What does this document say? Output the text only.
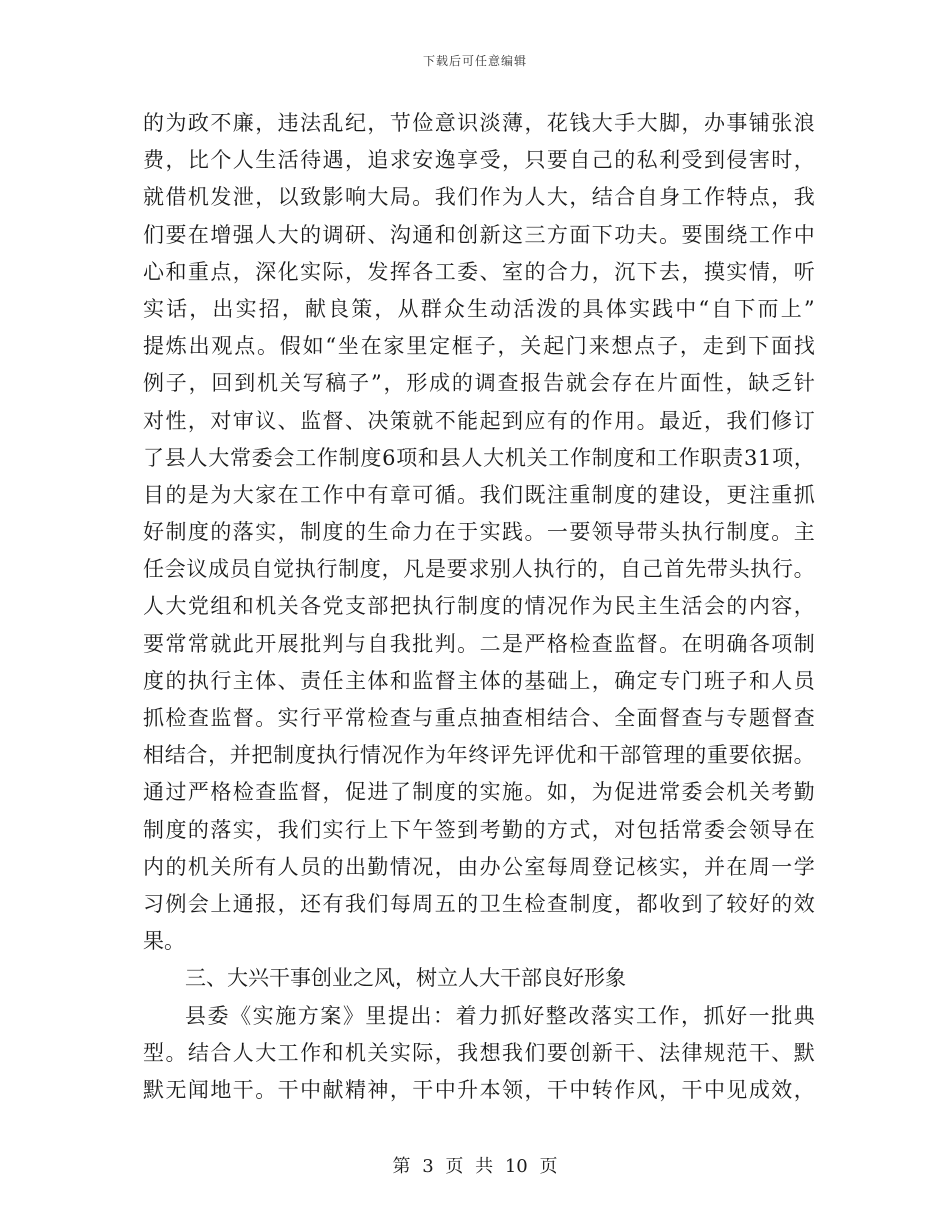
下载后可任意编辑
的 为 政 不 廉 ， 违 法 乱 纪 ， 节 俭 意 识 淡 薄 ， 花 钱 大 手 大 脚 ， 办 事 铺 张 浪
费 ， 比 个 人 生 活 待 遇 ， 追 求 安 逸 享 受 ， 只 要 自 己 的 私 利 受 到 侵 害 时 ，
就 借 机 发 泄 ， 以 致 影 响 大 局 。 我 们 作 为 人 大 ， 结 合 自 身 工 作 特 点 ， 我
们 要 在 增 强 人 大 的 调 研 、 沟 通 和 创 新 这 三 方 面 下 功 夫 。 要 围 绕 工 作 中
心 和 重 点 ， 深 化 实 际 ， 发 挥 各 工 委 、 室 的 合 力 ， 沉 下 去 ， 摸 实 情 ， 听
实 话 ， 出 实 招 ， 献 良 策 ， 从 群 众 生 动 活 泼 的 具 体 实 践 中 “ 自 下 而 上 ”
提 炼 出 观 点 。 假 如 “ 坐 在 家 里 定 框 子 ， 关 起 门 来 想 点 子 ， 走 到 下 面 找
例 子 ， 回 到 机 关 写 稿 子 ” ， 形 成 的 调 查 报 告 就 会 存 在 片 面 性 ， 缺 乏 针
对 性 ， 对 审 议 、 监 督 、 决 策 就 不 能 起 到 应 有 的 作 用 。 最 近 ， 我 们 修 订
了 县 人 大 常 委 会 工 作 制 度 6 项 和 县 人 大 机 关 工 作 制 度 和 工 作 职 责 3 1 项 ，
目 的 是 为 大 家 在 工 作 中 有 章 可 循 。 我 们 既 注 重 制 度 的 建 设 ， 更 注 重 抓
好 制 度 的 落 实 ， 制 度 的 生 命 力 在 于 实 践 。 一 要 领 导 带 头 执 行 制 度 。 主
任 会 议 成 员 自 觉 执 行 制 度 ， 凡 是 要 求 别 人 执 行 的 ， 自 己 首 先 带 头 执 行 。
人 大 党 组 和 机 关 各 党 支 部 把 执 行 制 度 的 情 况 作 为 民 主 生 活 会 的 内 容 ，
要 常 常 就 此 开 展 批 判 与 自 我 批 判 。 二 是 严 格 检 查 监 督 。 在 明 确 各 项 制
度 的 执 行 主 体 、 责 任 主 体 和 监 督 主 体 的 基 础 上 ， 确 定 专 门 班 子 和 人 员
抓 检 查 监 督 。 实 行 平 常 检 查 与 重 点 抽 查 相 结 合 、 全 面 督 查 与 专 题 督 查
相 结 合 ， 并 把 制 度 执 行 情 况 作 为 年 终 评 先 评 优 和 干 部 管 理 的 重 要 依 据 。
通 过 严 格 检 查 监 督 ， 促 进 了 制 度 的 实 施 。 如 ， 为 促 进 常 委 会 机 关 考 勤
制 度 的 落 实 ， 我 们 实 行 上 下 午 签 到 考 勤 的 方 式 ， 对 包 括 常 委 会 领 导 在
内 的 机 关 所 有 人 员 的 出 勤 情 况 ， 由 办 公 室 每 周 登 记 核 实 ， 并 在 周 一 学
习 例 会 上 通 报 ， 还 有 我 们 每 周 五 的 卫 生 检 查 制 度 ， 都 收 到 了 较 好 的 效
果。
三、大兴干事创业之风，树立人大干部良好形象
县 委 《 实 施 方 案 》 里 提 出 ： 着 力 抓 好 整 改 落 实 工 作 ， 抓 好 一 批 典
型 。 结 合 人 大 工 作 和 机 关 实 际 ， 我 想 我 们 要 创 新 干 、 法 律 规 范 干 、 默
默 无 闻 地 干 。 干 中 献 精 神 ， 干 中 升 本 领 ， 干 中 转 作 风 ， 干 中 见 成 效 ，
第 3 页 共 10 页
